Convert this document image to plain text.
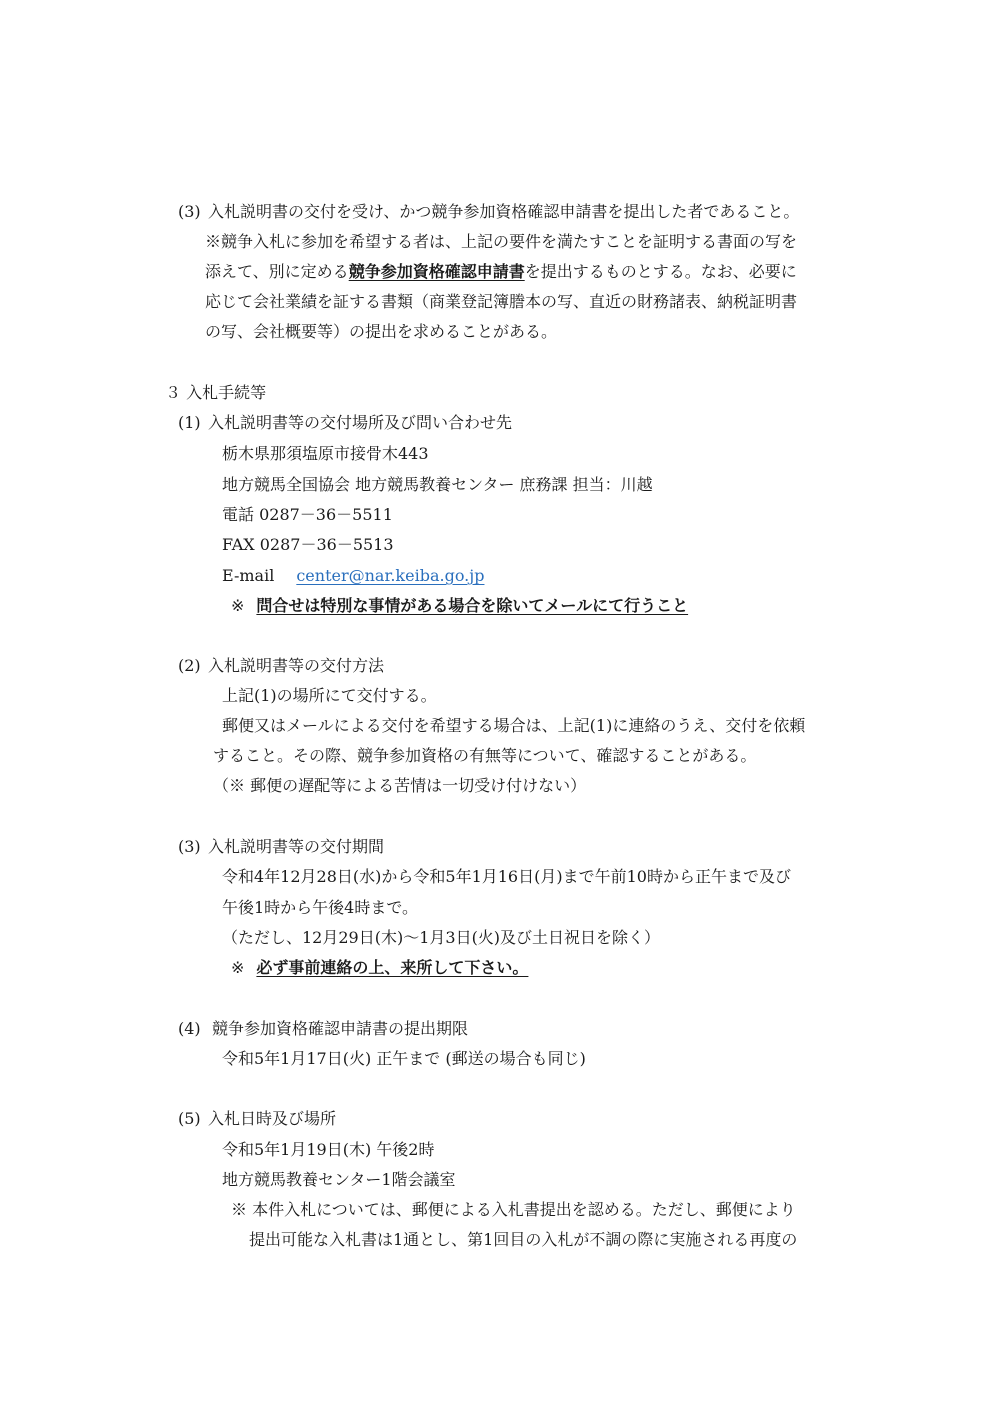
(3) 入札説明書の交付を受け、かつ競争参加資格確認申請書を提出した者であること。
※競争入札に参加を希望する者は、上記の要件を満たすことを証明する書面の写を
添えて、別に定める競争参加資格確認申請書を提出するものとする。なお、必要に
応じて会社業績を証する書類（商業登記簿謄本の写、直近の財務諸表、納税証明書
の写、会社概要等）の提出を求めることがある。
３ 入札手続等
(1) 入札説明書等の交付場所及び問い合わせ先
栃木県那須塩原市接骨木443
地方競馬全国協会 地方競馬教養センター 庶務課 担当：川越
電話 0287－36－5511
FAX 0287－36－5513
E-mail center@nar.keiba.go.jp
※ 問合せは特別な事情がある場合を除いてメールにて行うこと
(2) 入札説明書等の交付方法
上記(1)の場所にて交付する。
郵便又はメールによる交付を希望する場合は、上記(1)に連絡のうえ、交付を依頼
すること。その際、競争参加資格の有無等について、確認することがある。
（※ 郵便の遅配等による苦情は一切受け付けない）
(3) 入札説明書等の交付期間
令和4年12月28日(水)から令和5年1月16日(月)まで午前10時から正午まで及び
午後1時から午後4時まで。
（ただし、12月29日(木)～1月3日(火)及び土日祝日を除く）
※ 必ず事前連絡の上、来所して下さい。
(4) 競争参加資格確認申請書の提出期限
令和5年1月17日(火) 正午まで (郵送の場合も同じ)
(5) 入札日時及び場所
令和5年1月19日(木) 午後2時
地方競馬教養センター1階会議室
※ 本件入札については、郵便による入札書提出を認める。ただし、郵便により
提出可能な入札書は1通とし、第1回目の入札が不調の際に実施される再度の
